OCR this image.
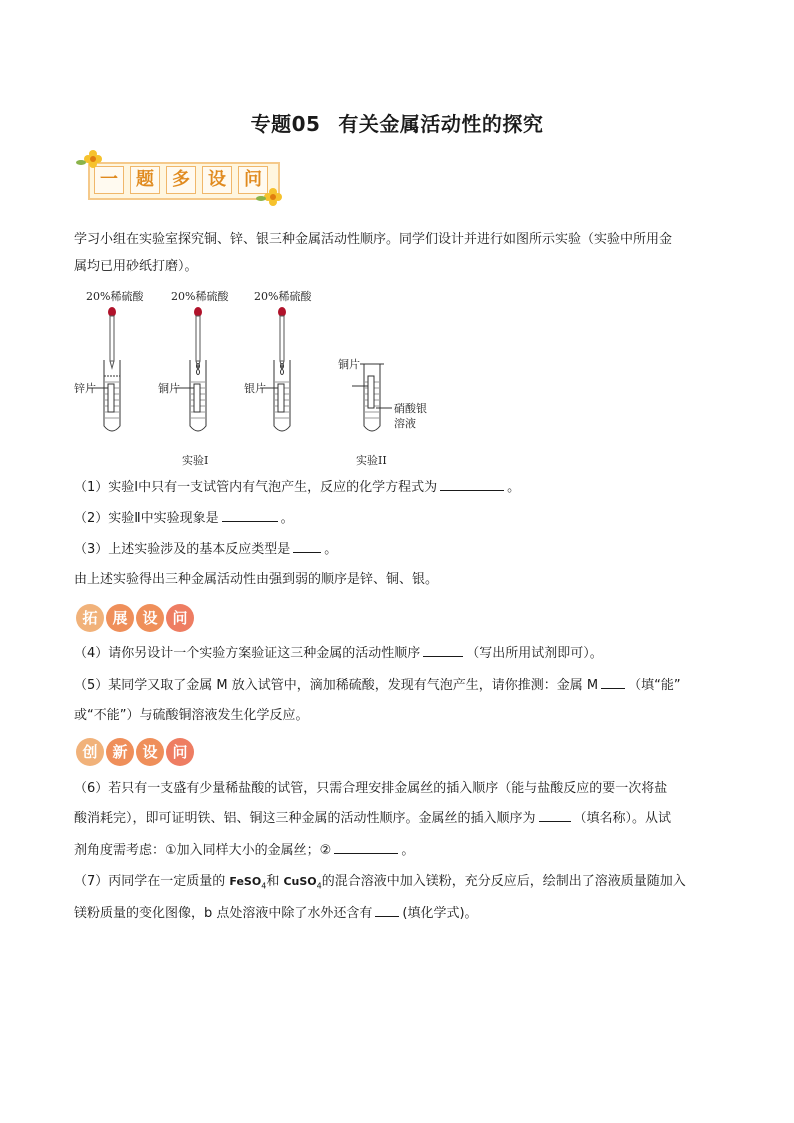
专题05 有关金属活动性的探究
一	题	多	设	问
学习小组在实验室探究铜、锌、银三种金属活动性顺序。同学们设计并进行如图所示实验（实验中所用金
属均已用砂纸打磨）。
20%稀硫酸	20%稀硫酸 20%稀硫酸
锌片	铜片	银片
铜片
硝酸银
溶液
实验I	实验II
（1）实验Ⅰ中只有一支试管内有气泡产生，反应的化学方程式为	。
（2）实验Ⅱ中实验现象是	。
（3）上述实验涉及的基本反应类型是	。
由上述实验得出三种金属活动性由强到弱的顺序是锌、铜、银。
拓 展 设 问
（4）请你另设计一个实验方案验证这三种金属的活动性顺序	（写出所用试剂即可）。
（5）某同学又取了金属 M 放入试管中，滴加稀硫酸，发现有气泡产生，请你推测：金属 M （填“能”
或“不能”）与硫酸铜溶液发生化学反应。
创 新 设 问
（6）若只有一支盛有少量稀盐酸的试管，只需合理安排金属丝的插入顺序（能与盐酸反应的要一次将盐
酸消耗完），即可证明铁、铝、铜这三种金属的活动性顺序。金属丝的插入顺序为	（填名称）。从试
剂角度需考虑：①加入同样大小的金属丝；②	。
（7）丙同学在一定质量的 FeSO$_4$和 CuSO$_4$的混合溶液中加入镁粉，充分反应后，绘制出了溶液质量随加入
镁粉质量的变化图像，b 点处溶液中除了水外还含有 (填化学式)。
